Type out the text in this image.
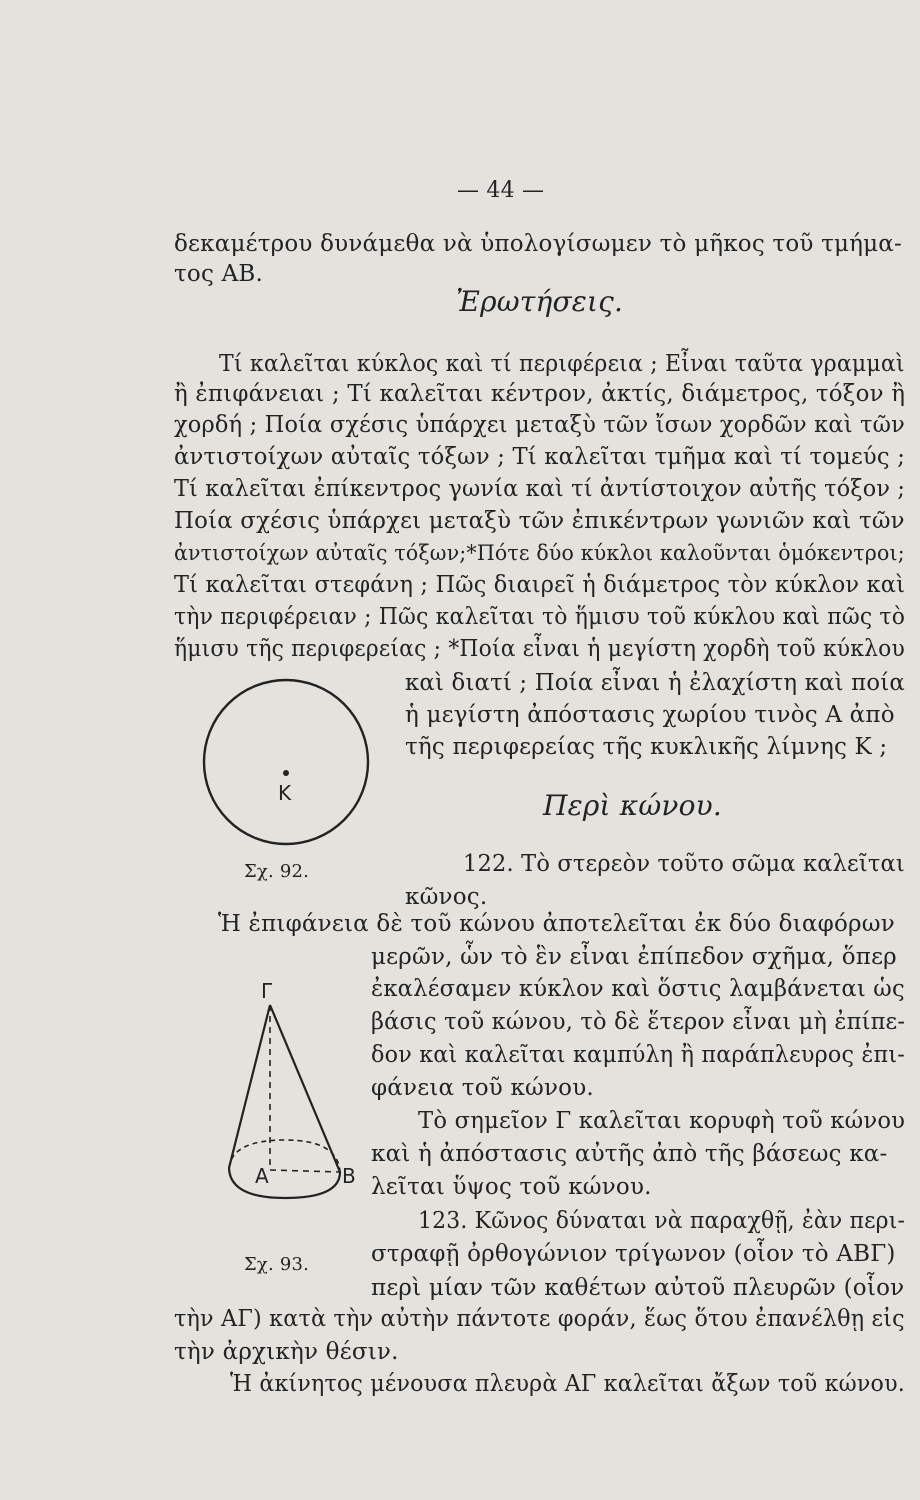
— 44 —
δεκαμέτρου δυνάμεθα νὰ ὑπολογίσωμεν τὸ μῆκος τοῦ τμήμα-
τος ΑΒ.
Ἐρωτήσεις.
Τί καλεῖται κύκλος καὶ τί περιφέρεια ; Εἶναι ταῦτα γραμμαὶ
ἢ ἐπιφάνειαι ; Τί καλεῖται κέντρον, ἀκτίς, διάμετρος, τόξον ἢ
χορδή ; Ποία σχέσις ὑπάρχει μεταξὺ τῶν ἴσων χορδῶν καὶ τῶν
ἀντιστοίχων αὐταῖς τόξων ; Τί καλεῖται τμῆμα καὶ τί τομεύς ;
Τί καλεῖται ἐπίκεντρος γωνία καὶ τί ἀντίστοιχον αὐτῆς τόξον ;
Ποία σχέσις ὑπάρχει μεταξὺ τῶν ἐπικέντρων γωνιῶν καὶ τῶν
ἀντιστοίχων αὐταῖς τόξων;*Πότε δύο κύκλοι καλοῦνται ὁμόκεντροι;
Τί καλεῖται στεφάνη ; Πῶς διαιρεῖ ἡ διάμετρος τὸν κύκλον καὶ
τὴν περιφέρειαν ; Πῶς καλεῖται τὸ ἥμισυ τοῦ κύκλου καὶ πῶς τὸ
ἥμισυ τῆς περιφερείας ; *Ποία εἶναι ἡ μεγίστη χορδὴ τοῦ κύκλου
καὶ διατί ; Ποία εἶναι ἡ ἐλαχίστη καὶ ποία
ἡ μεγίστη ἀπόστασις χωρίου τινὸς Α ἀπὸ
τῆς περιφερείας τῆς κυκλικῆς λίμνης Κ ;
Κ
Σχ. 92.
Περὶ κώνου.
122. Τὸ στερεὸν τοῦτο σῶμα καλεῖται
κῶνος.
Ἡ ἐπιφάνεια δὲ τοῦ κώνου ἀποτελεῖται ἐκ δύο διαφόρων
μερῶν, ὧν τὸ ἓν εἶναι ἐπίπεδον σχῆμα, ὅπερ
ἐκαλέσαμεν κύκλον καὶ ὅστις λαμβάνεται ὡς
βάσις τοῦ κώνου, τὸ δὲ ἕτερον εἶναι μὴ ἐπίπε-
δον καὶ καλεῖται καμπύλη ἢ παράπλευρος ἐπι-
φάνεια τοῦ κώνου.
Τὸ σημεῖον Γ καλεῖται κορυφὴ τοῦ κώνου
καὶ ἡ ἀπόστασις αὐτῆς ἀπὸ τῆς βάσεως κα-
λεῖται ὕψος τοῦ κώνου.
123. Κῶνος δύναται νὰ παραχθῇ, ἐὰν περι-
στραφῇ ὀρθογώνιον τρίγωνον (οἷον τὸ ΑΒΓ)
περὶ μίαν τῶν καθέτων αὐτοῦ πλευρῶν (οἷον
τὴν ΑΓ) κατὰ τὴν αὐτὴν πάντοτε φοράν, ἕως ὅτου ἐπανέλθῃ εἰς
τὴν ἀρχικὴν θέσιν.
Ἡ ἀκίνητος μένουσα πλευρὰ ΑΓ καλεῖται ἄξων τοῦ κώνου.
Γ
Α	Β
Σχ. 93.
